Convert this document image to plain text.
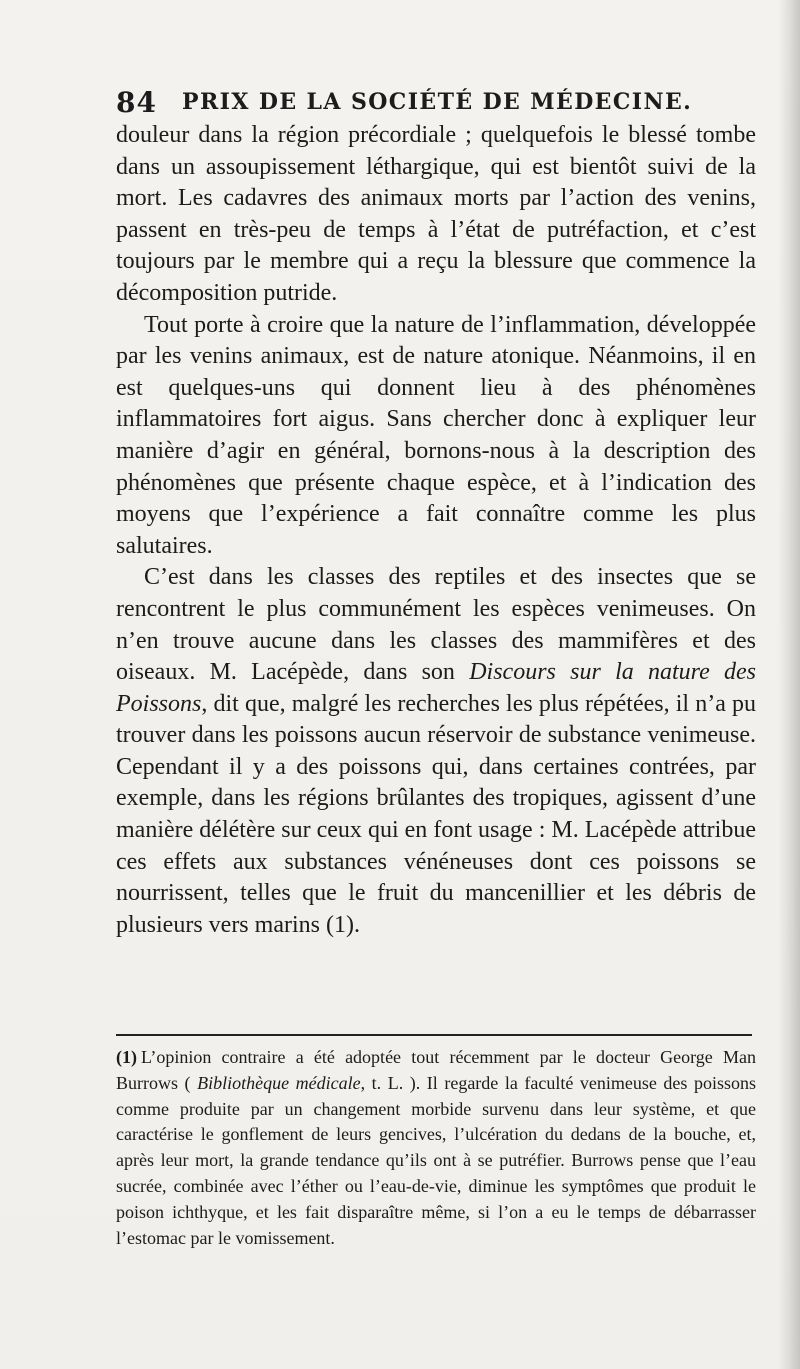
84 PRIX DE LA SOCIÉTÉ DE MÉDECINE.

douleur dans la région précordiale ; quelquefois le blessé tombe dans un assoupissement léthargique, qui est bientôt suivi de la mort. Les cadavres des animaux morts par l’action des venins, passent en très-peu de temps à l’état de putréfaction, et c’est toujours par le membre qui a reçu la blessure que commence la décomposition putride.

Tout porte à croire que la nature de l’inflammation, développée par les venins animaux, est de nature atonique. Néanmoins, il en est quelques-uns qui donnent lieu à des phénomènes inflammatoires fort aigus. Sans chercher donc à expliquer leur manière d’agir en général, bornons-nous à la description des phénomènes que présente chaque espèce, et à l’indication des moyens que l’expérience a fait connaître comme les plus salutaires.

C’est dans les classes des reptiles et des insectes que se rencontrent le plus communément les espèces venimeuses. On n’en trouve aucune dans les classes des mammifères et des oiseaux. M. Lacépède, dans son Discours sur la nature des Poissons, dit que, malgré les recherches les plus répétées, il n’a pu trouver dans les poissons aucun réservoir de substance venimeuse. Cependant il y a des poissons qui, dans certaines contrées, par exemple, dans les régions brûlantes des tropiques, agissent d’une manière délétère sur ceux qui en font usage : M. Lacépède attribue ces effets aux substances vénéneuses dont ces poissons se nourrissent, telles que le fruit du mancenillier et les débris de plusieurs vers marins (1).

(1) L’opinion contraire a été adoptée tout récemment par le docteur George Man Burrows ( Bibliothèque médicale, t. L. ). Il regarde la faculté venimeuse des poissons comme produite par un changement morbide survenu dans leur système, et que caractérise le gonflement de leurs gencives, l’ulcération du dedans de la bouche, et, après leur mort, la grande tendance qu’ils ont à se putréfier. Burrows pense que l’eau sucrée, combinée avec l’éther ou l’eau-de-vie, diminue les symptômes que produit le poison ichthyque, et les fait disparaître même, si l’on a eu le temps de débarrasser l’estomac par le vomissement.
